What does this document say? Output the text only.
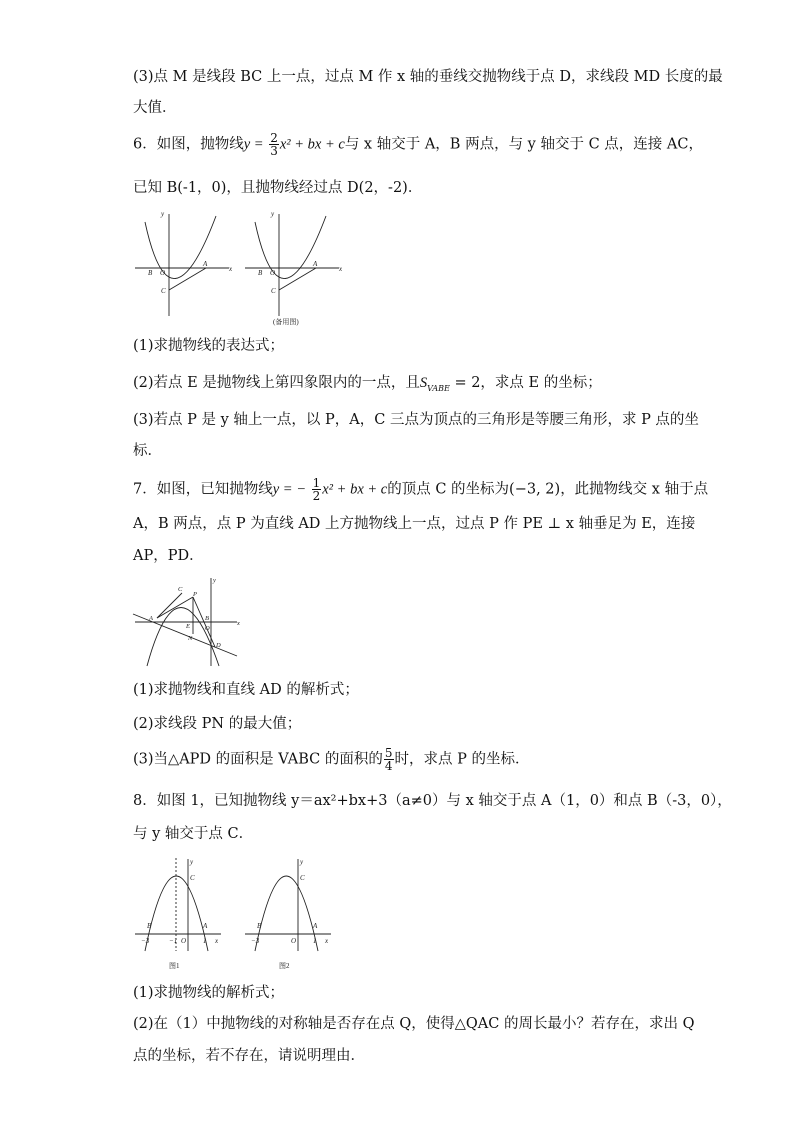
(3)点 M 是线段 BC 上一点，过点 M 作 x 轴的垂线交抛物线于点 D，求线段 MD 长度的最
大值．
6．如图，抛物线$y = \frac{2}{3} x^2$ + bx + c与 x 轴交于 A，B 两点，与 y 轴交于 C 点，连接 AC，
已知 B(-1，0)，且抛物线经过点 D(2，-2)．
B O
A
C
x
y
B O
A
C
x
y
(备用图)
(1)求抛物线的表达式；
(2)若点 E 是抛物线上第四象限内的一点，且$S_{VABE} = 2$，求点 E 的坐标；
(3)若点 P 是 y 轴上一点，以 P，A，C 三点为顶点的三角形是等腰三角形，求 P 点的坐
标．
7．如图，已知抛物线y = − $\frac{1}{2} x^2$ + bx + c的顶点 C 的坐标为(−3, 2)，此抛物线交 x 轴于点
A，B 两点，点 P 为直线 AD 上方抛物线上一点，过点 P 作 PE ⊥ x 轴垂足为 E，连接
AP，PD．
C
P
A
E
B
O
N
D
x
y
(1)求抛物线和直线 AD 的解析式；
(2)求线段 PN 的最大值；
(3)当△APD 的面积是 VABC 的面积的 $\frac{5}{4}$ 时，求点 P 的坐标．
8．如图 1，已知抛物线 y＝ax²+bx+3（a≠0）与 x 轴交于点 A（1，0）和点 B（-3，0），
与 y 轴交于点 C．
y
C
B
O
A
x
−3	−1	1
图1
y
C
B
O
A
x
−3	1
图2
(1)求抛物线的解析式；
(2)在（1）中抛物线的对称轴是否存在点 Q，使得△QAC 的周长最小？若存在，求出 Q
点的坐标，若不存在，请说明理由．
